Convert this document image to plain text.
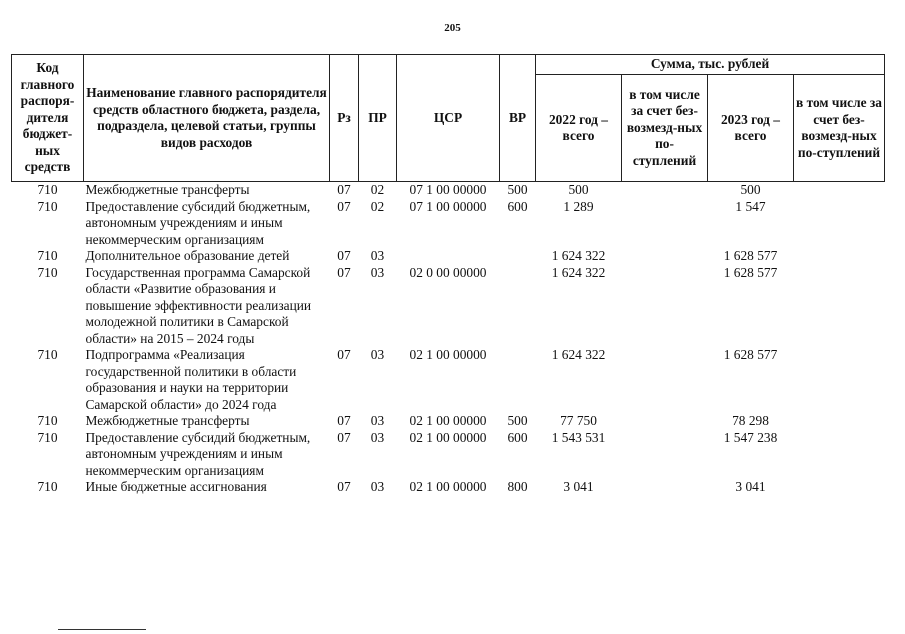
205
Код главного распоря-дителя бюджет-ных средств	Наименование главного распорядителя средств областного бюджета, раздела, подраздела, целевой статьи, группы видов расходов	Рз	ПР	ЦСР	ВР	Сумма, тыс. рублей			
						2022 год – всего	в том числе за счет без-возмезд-ных по-ступлений	2023 год – всего	в том числе за счет без-возмезд-ных по-ступлений
710	Межбюджетные трансферты	07	02	07 1 00 00000	500	500		500	
710	Предоставление субсидий бюджетным, автономным учреждениям и иным некоммерческим организациям	07	02	07 1 00 00000	600	1 289		1 547	
710	Дополнительное образование детей	07	03			1 624 322		1 628 577	
710	Государственная программа Самарской области «Развитие образования и повышение эффективности реализации молодежной политики в Самарской области» на 2015 – 2024 годы	07	03	02 0 00 00000		1 624 322		1 628 577	
710	Подпрограмма «Реализация государственной политики в области образования и науки на территории Самарской области» до 2024 года	07	03	02 1 00 00000		1 624 322		1 628 577	
710	Межбюджетные трансферты	07	03	02 1 00 00000	500	77 750		78 298	
710	Предоставление субсидий бюджетным, автономным учреждениям и иным некоммерческим организациям	07	03	02 1 00 00000	600	1 543 531		1 547 238	
710	Иные бюджетные ассигнования	07	03	02 1 00 00000	800	3 041		3 041	
